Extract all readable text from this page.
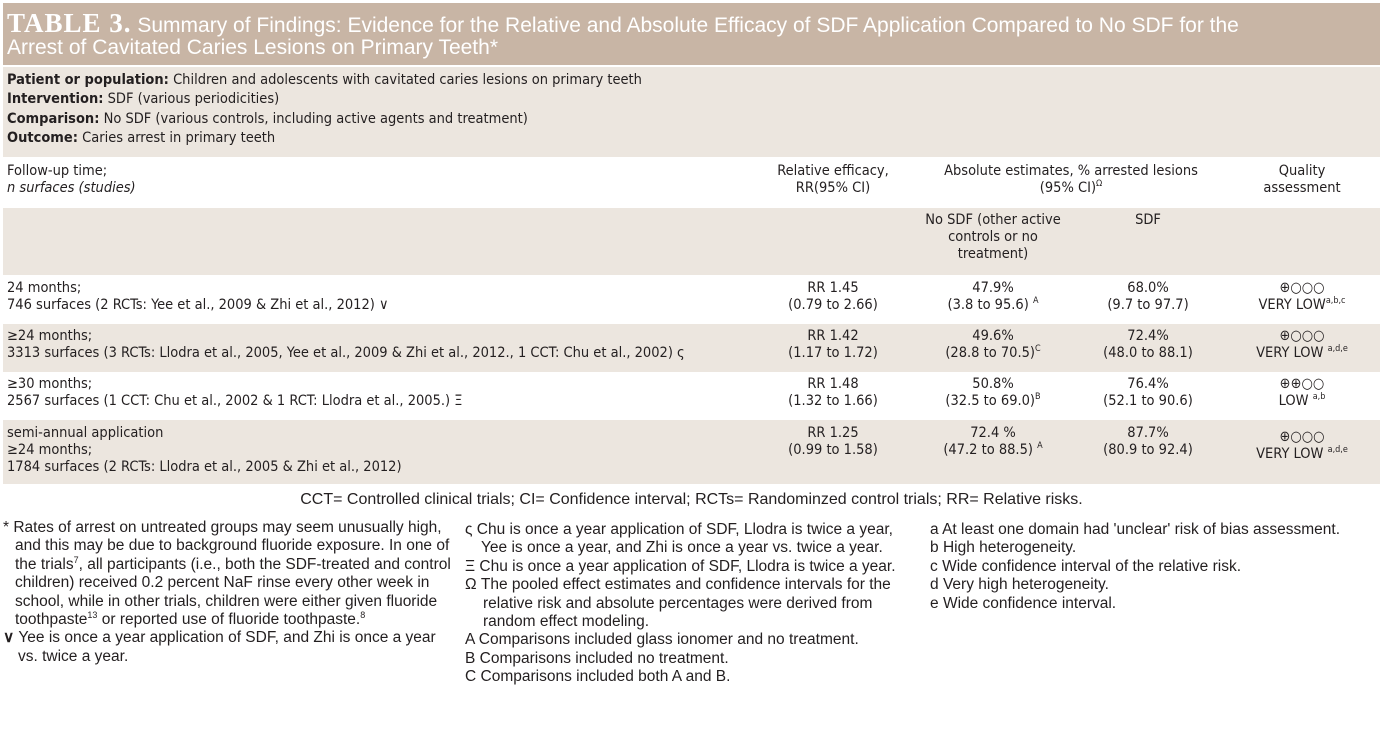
TABLE 3. Summary of Findings: Evidence for the Relative and Absolute Efficacy of SDF Application Compared to No SDF for the
Arrest of Cavitated Caries Lesions on Primary Teeth*
Patient or population: Children and adolescents with cavitated caries lesions on primary teeth
Intervention: SDF (various periodicities)
Comparison: No SDF (various controls, including active agents and treatment)
Outcome: Caries arrest in primary teeth
Follow-up time;
n surfaces (studies)
Relative efficacy,
RR(95% CI)
Absolute estimates, % arrested lesions
(95% CI)$^\Omega$
Quality
assessment
No SDF (other active
controls or no
treatment)
SDF
24 months;
746 surfaces (2 RCTs: Yee et al., 2009 & Zhi et al., 2012) ∨
RR 1.45
(0.79 to 2.66)
47.9%
(3.8 to 95.6) $^A$
68.0%
(9.7 to 97.7)
⊕○○○
VERY LOW$^{a,b,c}$
≥24 months;
3313 surfaces (3 RCTs: Llodra et al., 2005, Yee et al., 2009 & Zhi et al., 2012., 1 CCT: Chu et al., 2002) ς
RR 1.42
(1.17 to 1.72)
49.6%
(28.8 to 70.5)$^C$
72.4%
(48.0 to 88.1)
⊕○○○
VERY LOW $^{a,d,e}$
≥30 months;
2567 surfaces (1 CCT: Chu et al., 2002 & 1 RCT: Llodra et al., 2005.) Ξ
RR 1.48
(1.32 to 1.66)
50.8%
(32.5 to 69.0)$^B$
76.4%
(52.1 to 90.6)
⊕⊕○○
LOW $^{a,b}$
semi-annual application
≥24 months;
1784 surfaces (2 RCTs: Llodra et al., 2005 & Zhi et al., 2012)
RR 1.25
(0.99 to 1.58)
72.4 %
(47.2 to 88.5) $^A$
87.7%
(80.9 to 92.4)
⊕○○○
VERY LOW $^{a,d,e}$
CCT= Controlled clinical trials; CI= Confidence interval; RCTs= Randominzed control trials; RR= Relative risks.
* Rates of arrest on untreated groups may seem unusually high, and this may be due to background fluoride exposure. In one of the trials$^7$, all participants (i.e., both the SDF-treated and control children) received 0.2 percent NaF rinse every other week in school, while in other trials, children were either given fluoride toothpaste$^{13}$ or reported use of fluoride toothpaste.$^8$
∨ Yee is once a year application of SDF, and Zhi is once a year vs. twice a year.
ς Chu is once a year application of SDF, Llodra is twice a year, Yee is once a year, and Zhi is once a year vs. twice a year.
Ξ Chu is once a year application of SDF, Llodra is twice a year.
Ω The pooled effect estimates and confidence intervals for the relative risk and absolute percentages were derived from random effect modeling.
A Comparisons included glass ionomer and no treatment.
B Comparisons included no treatment.
C Comparisons included both A and B.
a At least one domain had 'unclear' risk of bias assessment.
b High heterogeneity.
c Wide confidence interval of the relative risk.
d Very high heterogeneity.
e Wide confidence interval.
